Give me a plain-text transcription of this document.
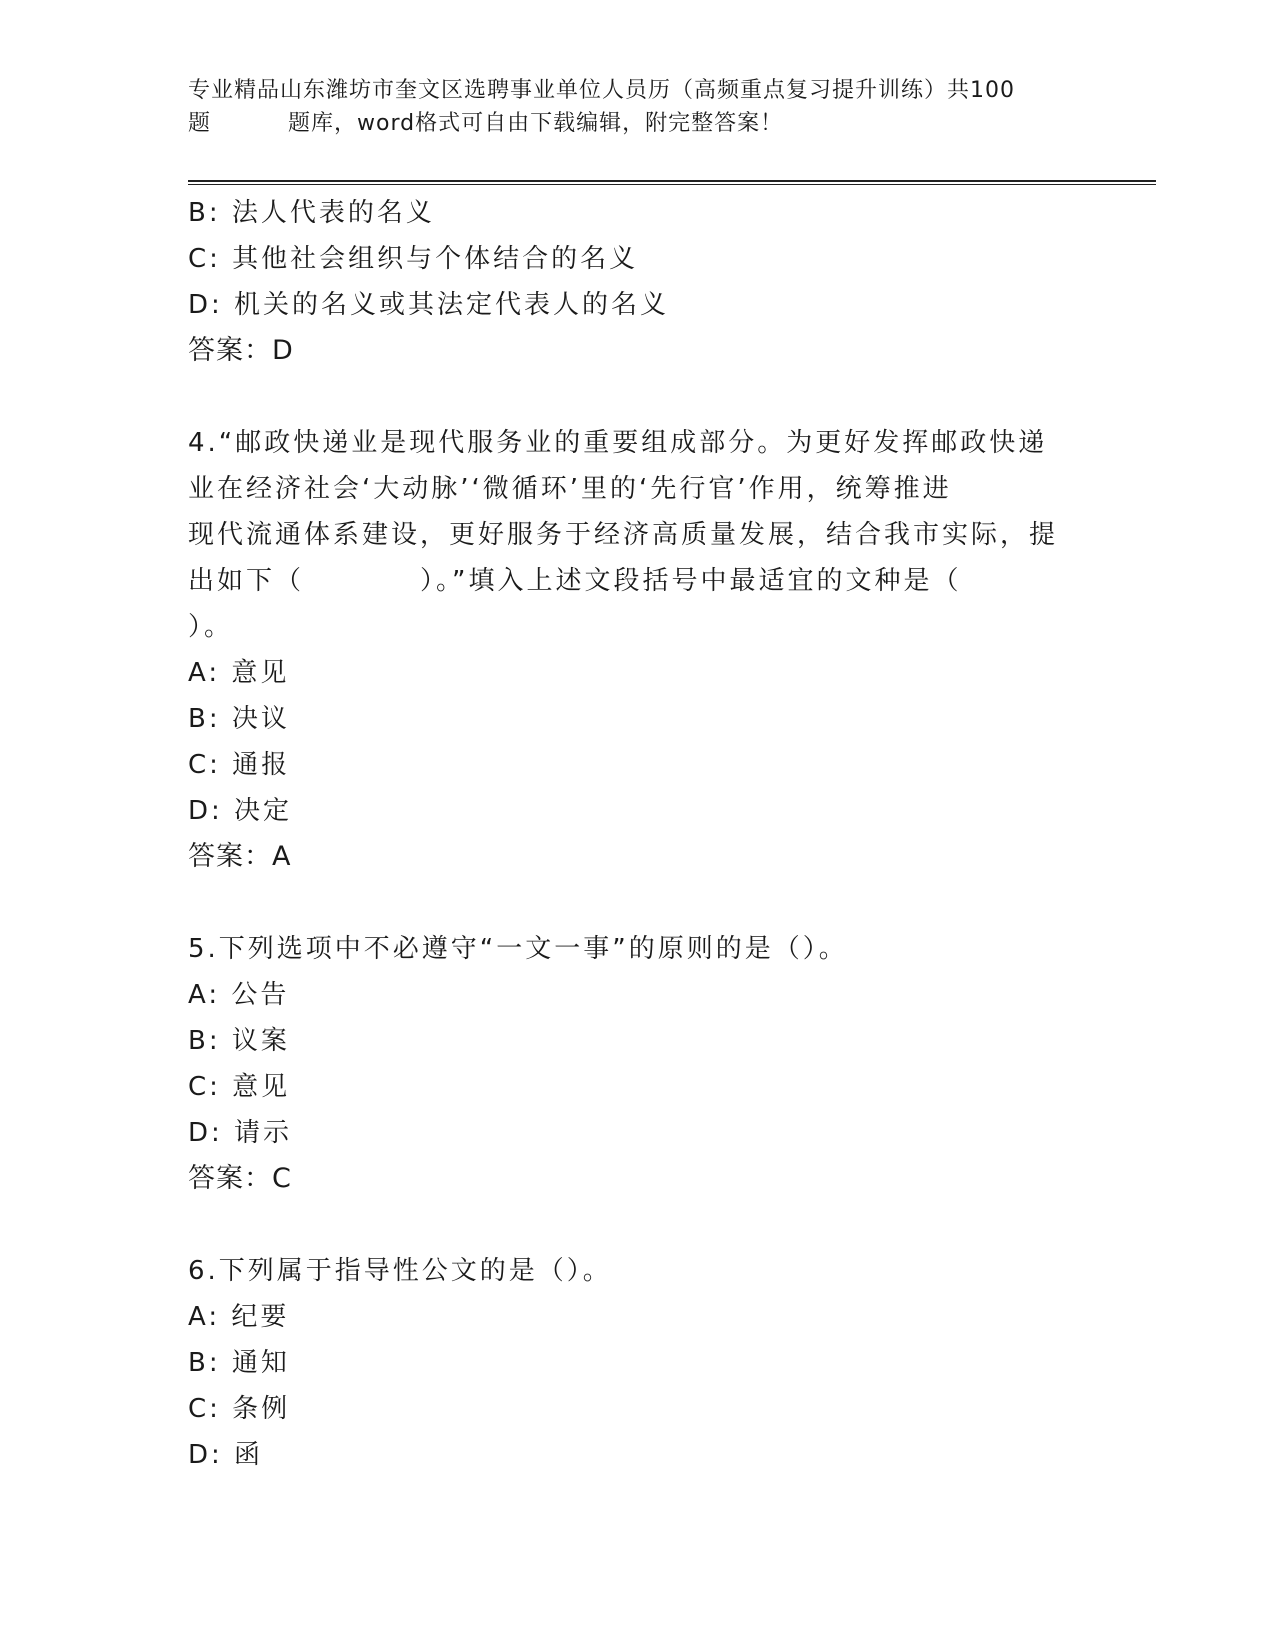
专业精品山东潍坊市奎文区选聘事业单位人员历（高频重点复习提升训练）共100
题	题库，word格式可自由下载编辑，附完整答案！
B: 法人代表的名义
C: 其他社会组织与个体结合的名义
D: 机关的名义或其法定代表人的名义
答案：D
4.“邮政快递业是现代服务业的重要组成部分。为更好发挥邮政快递
业在经济社会‘大动脉’‘微循环’里的‘先行官’作用，统筹推进
现代流通体系建设，更好服务于经济高质量发展，结合我市实际，提
出如下（　　　　）。”填入上述文段括号中最适宜的文种是（
）。
A: 意见
B: 决议
C: 通报
D: 决定
答案：A
5.下列选项中不必遵守“一文一事”的原则的是（）。
A: 公告
B: 议案
C: 意见
D: 请示
答案：C
6.下列属于指导性公文的是（）。
A: 纪要
B: 通知
C: 条例
D: 函
